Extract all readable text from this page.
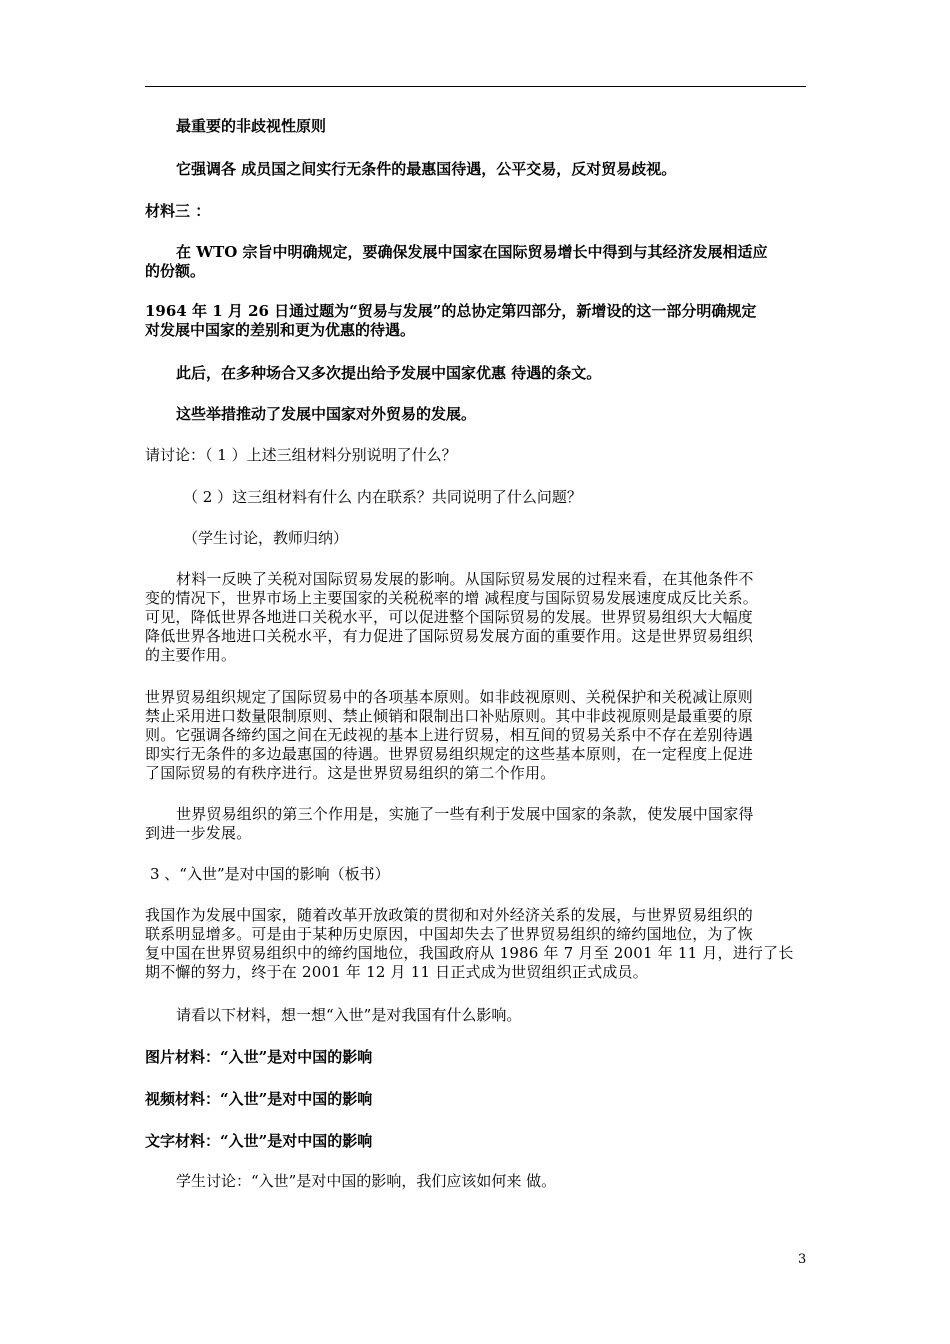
最重要的非歧视性原则
它强调各 成员国之间实行无条件的最惠国待遇，公平交易，反对贸易歧视。
材料三 ：
在 WTO 宗旨中明确规定，要确保发展中国家在国际贸易增长中得到与其经济发展相适应
的份额。
1964 年 1 月 26 日通过题为“贸易与发展”的总协定第四部分，新增设的这一部分明确规定
对发展中国家的差别和更为优惠的待遇。
此后，在多种场合又多次提出给予发展中国家优惠 待遇的条文。
这些举措推动了发展中国家对外贸易的发展。
请讨论：（ 1 ）上述三组材料分别说明了什么？
（ 2 ）这三组材料有什么 内在联系？共同说明了什么问题？
（学生讨论，教师归纳）
材料一反映了关税对国际贸易发展的影响。从国际贸易发展的过程来看，在其他条件不
变的情况下，世界市场上主要国家的关税税率的增 减程度与国际贸易发展速度成反比关系。
可见，降低世界各地进口关税水平，可以促进整个国际贸易的发展。世界贸易组织大大幅度
降低世界各地进口关税水平，有力促进了国际贸易发展方面的重要作用。这是世界贸易组织
的主要作用。
世界贸易组织规定了国际贸易中的各项基本原则。如非歧视原则、关税保护和关税减让原则
禁止采用进口数量限制原则、禁止倾销和限制出口补贴原则。其中非歧视原则是最重要的原
则。它强调各缔约国之间在无歧视的基本上进行贸易，相互间的贸易关系中不存在差别待遇
即实行无条件的多边最惠国的待遇。世界贸易组织规定的这些基本原则，在一定程度上促进
了国际贸易的有秩序进行。这是世界贸易组织的第二个作用。
世界贸易组织的第三个作用是，实施了一些有利于发展中国家的条款，使发展中国家得
到进一步发展。
3 、“入世”是对中国的影响（板书）
我国作为发展中国家，随着改革开放政策的贯彻和对外经济关系的发展，与世界贸易组织的
联系明显增多。可是由于某种历史原因，中国却失去了世界贸易组织的缔约国地位，为了恢
复中国在世界贸易组织中的缔约国地位，我国政府从 1986 年 7 月至 2001 年 11 月，进行了长
期不懈的努力，终于在 2001 年 12 月 11 日正式成为世贸组织正式成员。
请看以下材料，想一想“入世”是对我国有什么影响。
图片材料：“入世”是对中国的影响
视频材料：“入世”是对中国的影响
文字材料：“入世”是对中国的影响
学生讨论：“入世”是对中国的影响，我们应该如何来 做。
3
